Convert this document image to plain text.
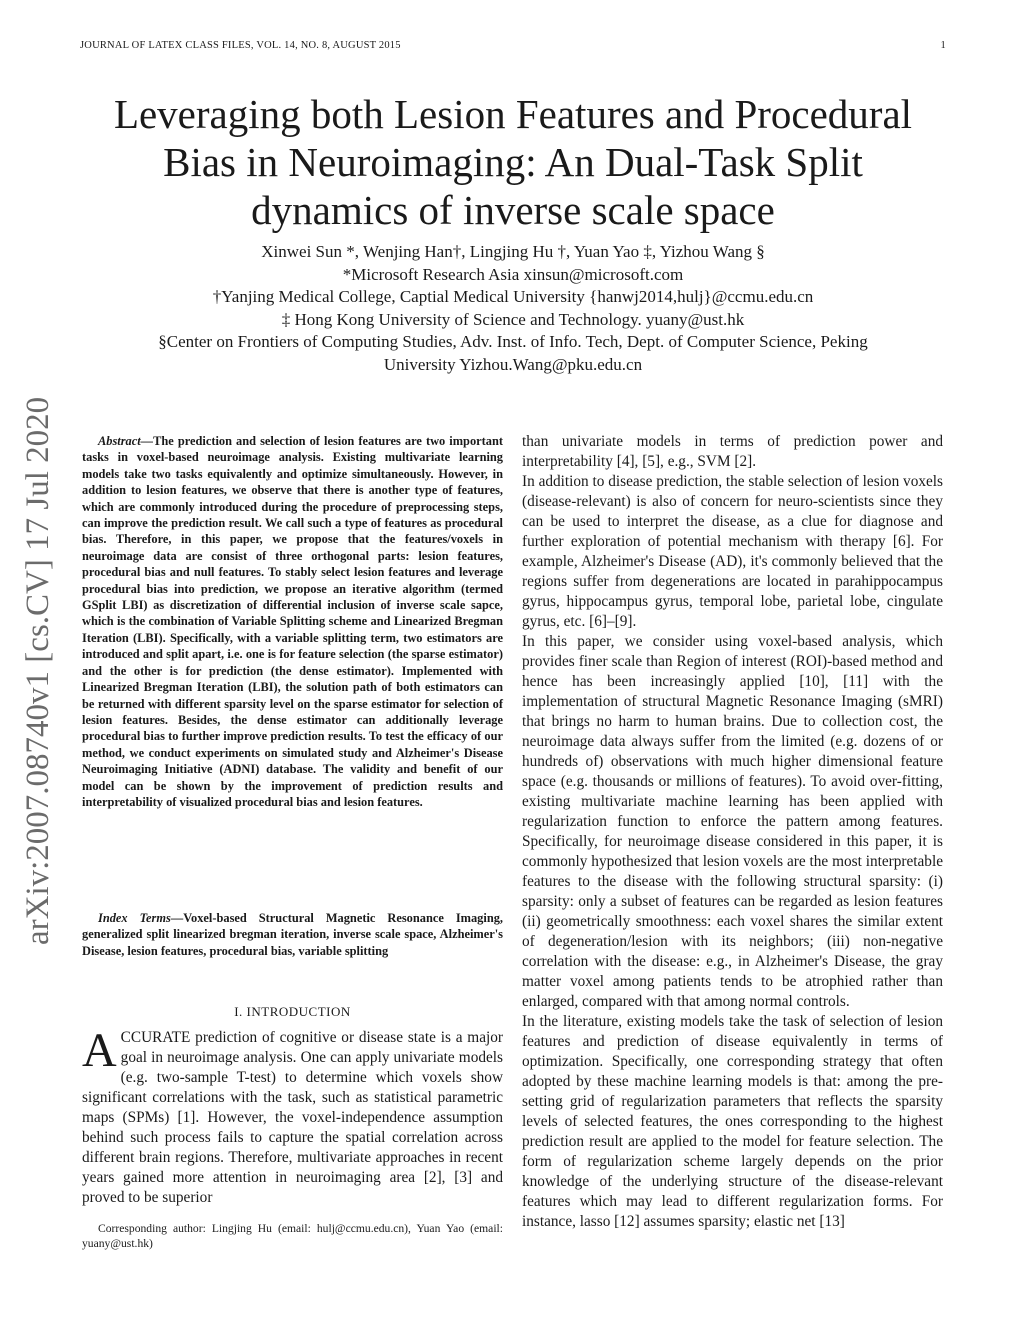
JOURNAL OF LATEX CLASS FILES, VOL. 14, NO. 8, AUGUST 2015	1
arXiv:2007.08740v1 [cs.CV] 17 Jul 2020
Leveraging both Lesion Features and Procedural
Bias in Neuroimaging: An Dual-Task Split
dynamics of inverse scale space
Xinwei Sun *, Wenjing Han†, Lingjing Hu †, Yuan Yao ‡, Yizhou Wang §
*Microsoft Research Asia xinsun@microsoft.com
†Yanjing Medical College, Captial Medical University {hanwj2014,hulj}@ccmu.edu.cn
‡ Hong Kong University of Science and Technology. yuany@ust.hk
§Center on Frontiers of Computing Studies, Adv. Inst. of Info. Tech, Dept. of Computer Science, Peking
University Yizhou.Wang@pku.edu.cn
Abstract—The prediction and selection of lesion features are two important tasks in voxel-based neuroimage analysis. Existing multivariate learning models take two tasks equivalently and optimize simultaneously. However, in addition to lesion features, we observe that there is another type of features, which are commonly introduced during the procedure of preprocessing steps, can improve the prediction result. We call such a type of features as procedural bias. Therefore, in this paper, we propose that the features/voxels in neuroimage data are consist of three orthogonal parts: lesion features, procedural bias and null features. To stably select lesion features and leverage procedural bias into prediction, we propose an iterative algorithm (termed GSplit LBI) as discretization of differential inclusion of inverse scale sapce, which is the combination of Variable Splitting scheme and Linearized Bregman Iteration (LBI). Specifically, with a variable splitting term, two estimators are introduced and split apart, i.e. one is for feature selection (the sparse estimator) and the other is for prediction (the dense estimator). Implemented with Linearized Bregman Iteration (LBI), the solution path of both estimators can be returned with different sparsity level on the sparse estimator for selection of lesion features. Besides, the dense estimator can additionally leverage procedural bias to further improve prediction results. To test the efficacy of our method, we conduct experiments on simulated study and Alzheimer's Disease Neuroimaging Initiative (ADNI) database. The validity and benefit of our model can be shown by the improvement of prediction results and interpretability of visualized procedural bias and lesion features.
Index Terms—Voxel-based Structural Magnetic Resonance Imaging, generalized split linearized bregman iteration, inverse scale space, Alzheimer's Disease, lesion features, procedural bias, variable splitting
I. INTRODUCTION
ACCURATE prediction of cognitive or disease state is a major goal in neuroimage analysis. One can apply univariate models (e.g. two-sample T-test) to determine which voxels show significant correlations with the task, such as statistical parametric maps (SPMs) [1]. However, the voxel-independence assumption behind such process fails to capture the spatial correlation across different brain regions. Therefore, multivariate approaches in recent years gained more attention in neuroimaging area [2], [3] and proved to be superior
Corresponding author: Lingjing Hu (email: hulj@ccmu.edu.cn), Yuan Yao (email: yuany@ust.hk)

than univariate models in terms of prediction power and interpretability [4], [5], e.g., SVM [2].

In addition to disease prediction, the stable selection of lesion voxels (disease-relevant) is also of concern for neuro-scientists since they can be used to interpret the disease, as a clue for diagnose and further exploration of potential mechanism with therapy [6]. For example, Alzheimer's Disease (AD), it's commonly believed that the regions suffer from degenerations are located in parahippocampus gyrus, hippocampus gyrus, temporal lobe, parietal lobe, cingulate gyrus, etc. [6]–[9].

In this paper, we consider using voxel-based analysis, which provides finer scale than Region of interest (ROI)-based method and hence has been increasingly applied [10], [11] with the implementation of structural Magnetic Resonance Imaging (sMRI) that brings no harm to human brains. Due to collection cost, the neuroimage data always suffer from the limited (e.g. dozens of or hundreds of) observations with much higher dimensional feature space (e.g. thousands or millions of features). To avoid over-fitting, existing multivariate machine learning has been applied with regularization function to enforce the pattern among features. Specifically, for neuroimage disease considered in this paper, it is commonly hypothesized that lesion voxels are the most interpretable features to the disease with the following structural sparsity: (i) sparsity: only a subset of features can be regarded as lesion features (ii) geometrically smoothness: each voxel shares the similar extent of degeneration/lesion with its neighbors; (iii) non-negative correlation with the disease: e.g., in Alzheimer's Disease, the gray matter voxel among patients tends to be atrophied rather than enlarged, compared with that among normal controls.

In the literature, existing models take the task of selection of lesion features and prediction of disease equivalently in terms of optimization. Specifically, one corresponding strategy that often adopted by these machine learning models is that: among the pre-setting grid of regularization parameters that reflects the sparsity levels of selected features, the ones corresponding to the highest prediction result are applied to the model for feature selection. The form of regularization scheme largely depends on the prior knowledge of the underlying structure of the disease-relevant features which may lead to different regularization forms. For instance, lasso [12] assumes sparsity; elastic net [13]
